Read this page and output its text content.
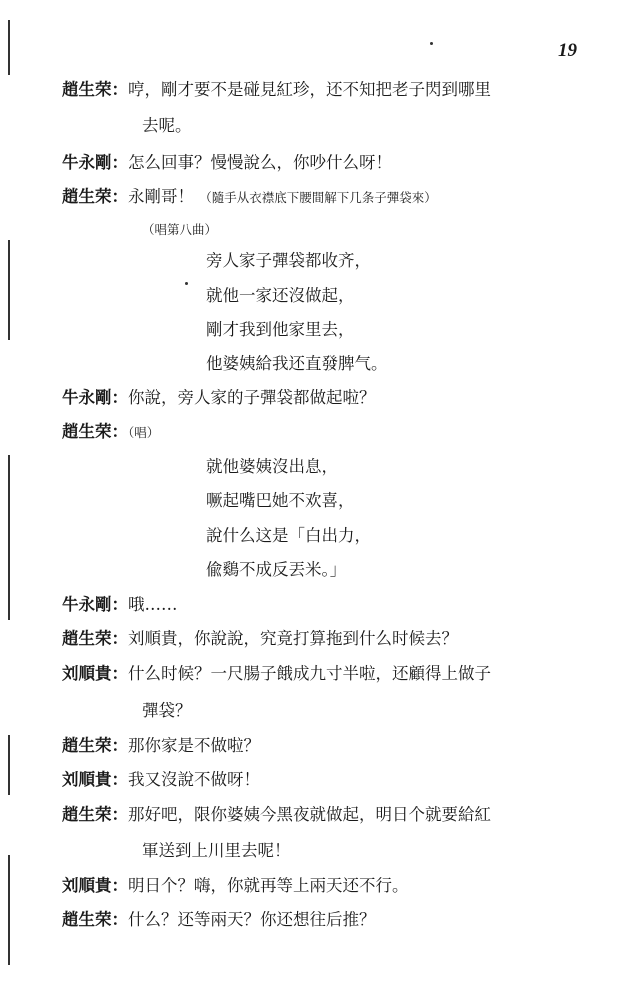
19
趙生荣：哼，剛才要不是碰見紅珍，还不知把老子閃到哪里
去呢。
牛永剛：怎么回事？慢慢說么，你吵什么呀！
趙生荣：永剛哥！ （隨手从衣襟底下腰間解下几条子彈袋來）
（唱第八曲）
旁人家子彈袋都收齐，
就他一家还沒做起，
剛才我到他家里去，
他婆姨給我还直發脾气。
牛永剛：你說，旁人家的子彈袋都做起啦？
趙生荣：（唱）
就他婆姨沒出息，
噘起嘴巴她不欢喜，
說什么这是「白出力，
偸鷄不成反丟米。」
牛永剛：哦……
趙生荣：刘順貴，你說說，究竟打算拖到什么时候去？
刘順貴：什么时候？一尺腸子餓成九寸半啦，还顧得上做子
彈袋？
趙生荣：那你家是不做啦？
刘順貴：我又沒說不做呀！
趙生荣：那好吧，限你婆姨今黑夜就做起，明日个就要給紅
軍送到上川里去呢！
刘順貴：明日个？嗨，你就再等上兩天还不行。
趙生荣：什么？还等兩天？你还想往后推？
